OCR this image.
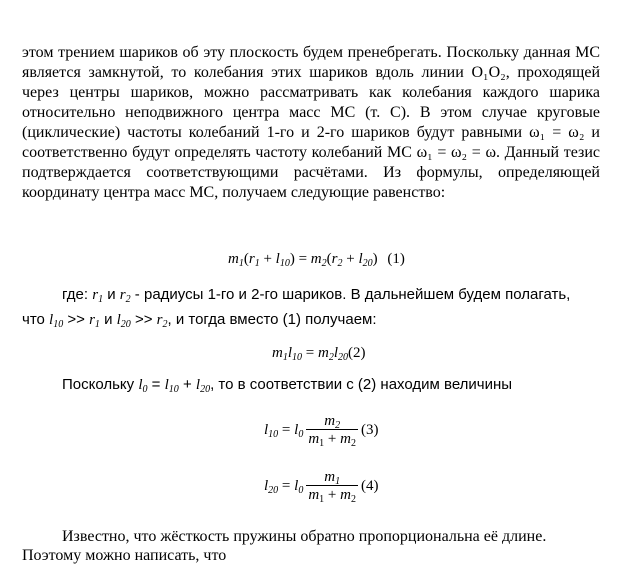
этом трением шариков об эту плоскость будем пренебрегать. Поскольку данная МС является замкнутой, то колебания этих шариков вдоль линии O₁O₂, проходящей через центры шариков, можно рассматривать как колебания каждого шарика относительно неподвижного центра масс МС (т. С). В этом случае круговые (циклические) частоты колебаний 1-го и 2-го шариков будут равными ω₁ = ω₂ и соответственно будут определять частоту колебаний МС ω₁ = ω₂ = ω. Данный тезис подтверждается соответствующими расчётами. Из формулы, определяющей координату центра масс МС, получаем следующие равенство:
$m_1(r_1 + l_{10}) = m_2(r_2 + l_{20})$ (1)
где: $r_1$ и $r_2$ - радиусы 1-го и 2-го шариков. В дальнейшем будем полагать,
что $l_{10} >> r_1$ и $l_{20} >> r_2$, и тогда вместо (1) получаем:
$m_1l_{10} = m_2l_{20}(2)$
Поскольку $l_0 = l_{10} + l_{20}$, то в соответствии с (2) находим величины
$l_{10} = l_0 \frac{m_2}{m_1 + m_2} (3)$
$l_{20} = l_0 \frac{m_1}{m_1 + m_2} (4)$
Известно, что жёсткость пружины обратно пропорциональна её длине.
Поэтому можно написать, что
